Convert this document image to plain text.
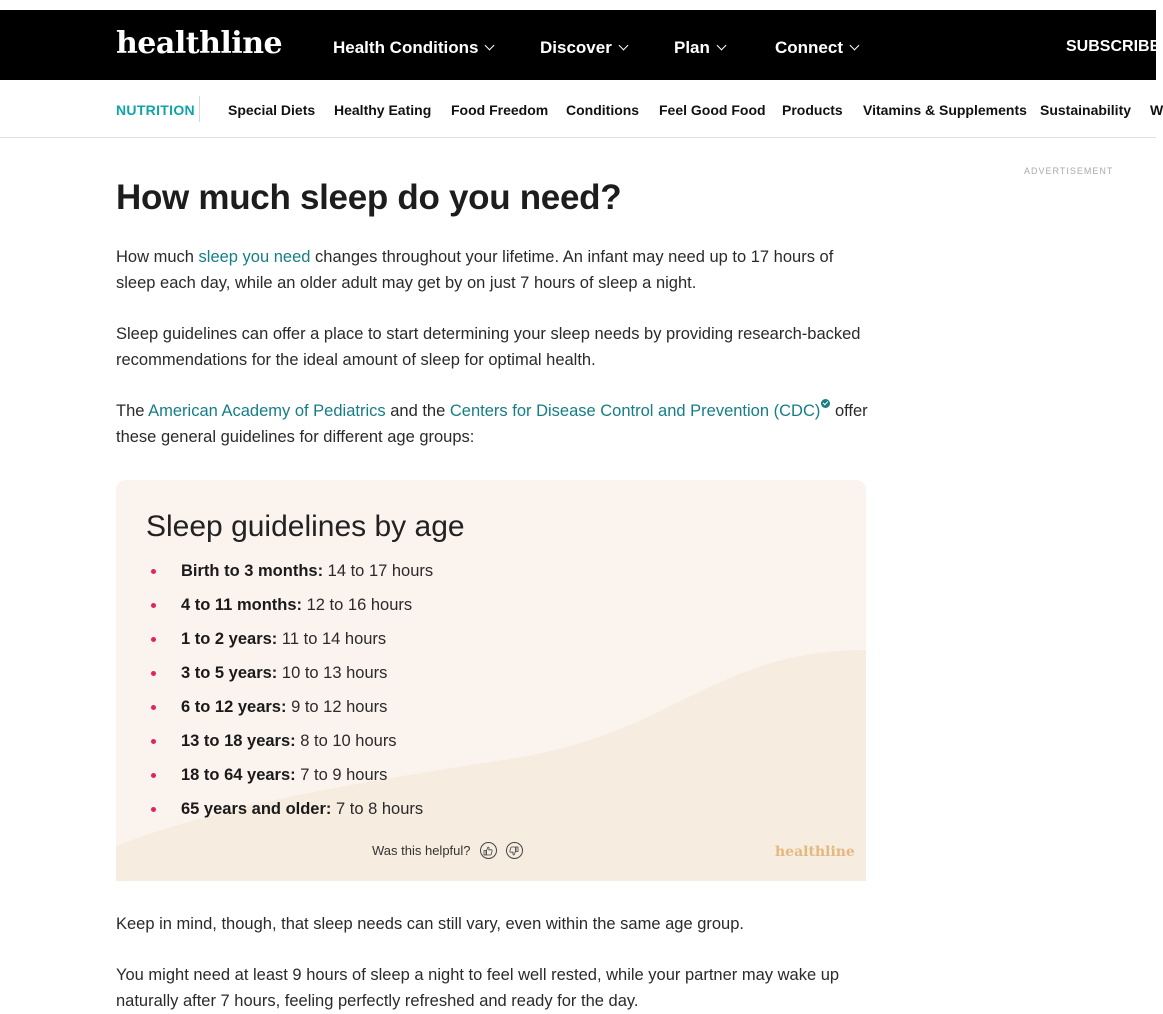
healthline	Health Conditions	Discover	Plan	Connect	SUBSCRIBE
NUTRITION Special Diets Healthy Eating Food Freedom Conditions Feel Good Food Products Vitamins & Supplements Sustainability W
ADVERTISEMENT
How much sleep do you need?

How much sleep you need changes throughout your lifetime. An infant may need up to 17 hours of sleep each day, while an older adult may get by on just 7 hours of sleep a night.

Sleep guidelines can offer a place to start determining your sleep needs by providing research-backed recommendations for the ideal amount of sleep for optimal health.

The American Academy of Pediatrics and the Centers for Disease Control and Prevention (CDC) offer these general guidelines for different age groups:

Sleep guidelines by age
Birth to 3 months: 14 to 17 hours
4 to 11 months: 12 to 16 hours
1 to 2 years: 11 to 14 hours
3 to 5 years: 10 to 13 hours
6 to 12 years: 9 to 12 hours
13 to 18 years: 8 to 10 hours
18 to 64 years: 7 to 9 hours
65 years and older: 7 to 8 hours
Was this helpful?	healthline

Keep in mind, though, that sleep needs can still vary, even within the same age group.

You might need at least 9 hours of sleep a night to feel well rested, while your partner may wake up naturally after 7 hours, feeling perfectly refreshed and ready for the day.
